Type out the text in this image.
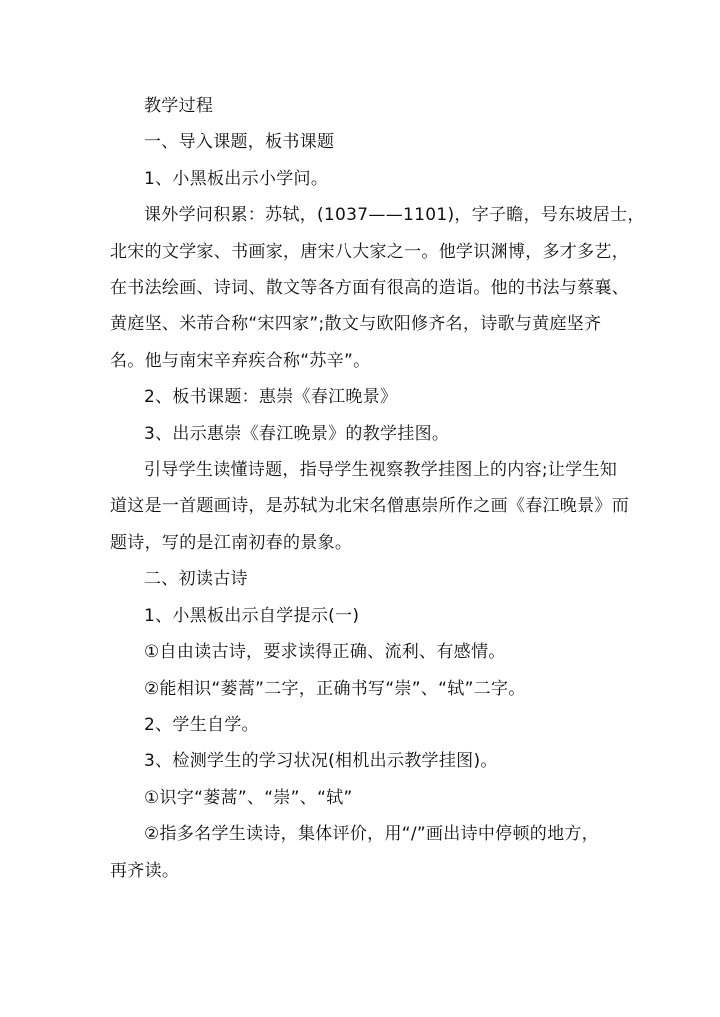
教学过程
一、导入课题，板书课题
1、小黑板出示小学问。
课外学问积累：苏轼，(1037——1101)，字子瞻，号东坡居士，
北宋的文学家、书画家，唐宋八大家之一。他学识渊博，多才多艺，
在书法绘画、诗词、散文等各方面有很高的造诣。他的书法与蔡襄、
黄庭坚、米芾合称“宋四家”;散文与欧阳修齐名，诗歌与黄庭坚齐
名。他与南宋辛弃疾合称“苏辛”。
2、板书课题：惠崇《春江晚景》
3、出示惠崇《春江晚景》的教学挂图。
引导学生读懂诗题，指导学生视察教学挂图上的内容;让学生知
道这是一首题画诗，是苏轼为北宋名僧惠崇所作之画《春江晚景》而
题诗，写的是江南初春的景象。
二、初读古诗
1、小黑板出示自学提示(一)
①自由读古诗，要求读得正确、流利、有感情。
②能相识“蒌蒿”二字，正确书写“崇”、“轼”二字。
2、学生自学。
3、检测学生的学习状况(相机出示教学挂图)。
①识字“蒌蒿”、“崇”、“轼”
②指多名学生读诗，集体评价，用“/”画出诗中停顿的地方，
再齐读。
